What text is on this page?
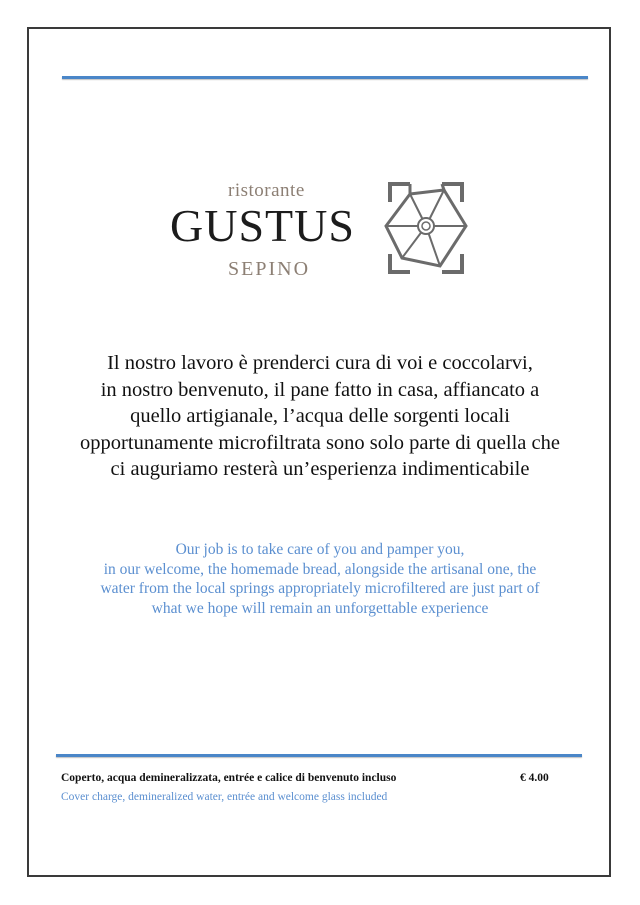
ristorante
GUSTUS
SEPINO
Il nostro lavoro è prenderci cura di voi e coccolarvi,
in nostro benvenuto, il pane fatto in casa, affiancato a
quello artigianale, l’acqua delle sorgenti locali
opportunamente microfiltrata sono solo parte di quella che
ci auguriamo resterà un’esperienza indimenticabile
Our job is to take care of you and pamper you,
in our welcome, the homemade bread, alongside the artisanal one, the
water from the local springs appropriately microfiltered are just part of
what we hope will remain an unforgettable experience
Coperto, acqua demineralizzata, entrée e calice di benvenuto incluso	€ 4.00
Cover charge, demineralized water, entrée and welcome glass included
